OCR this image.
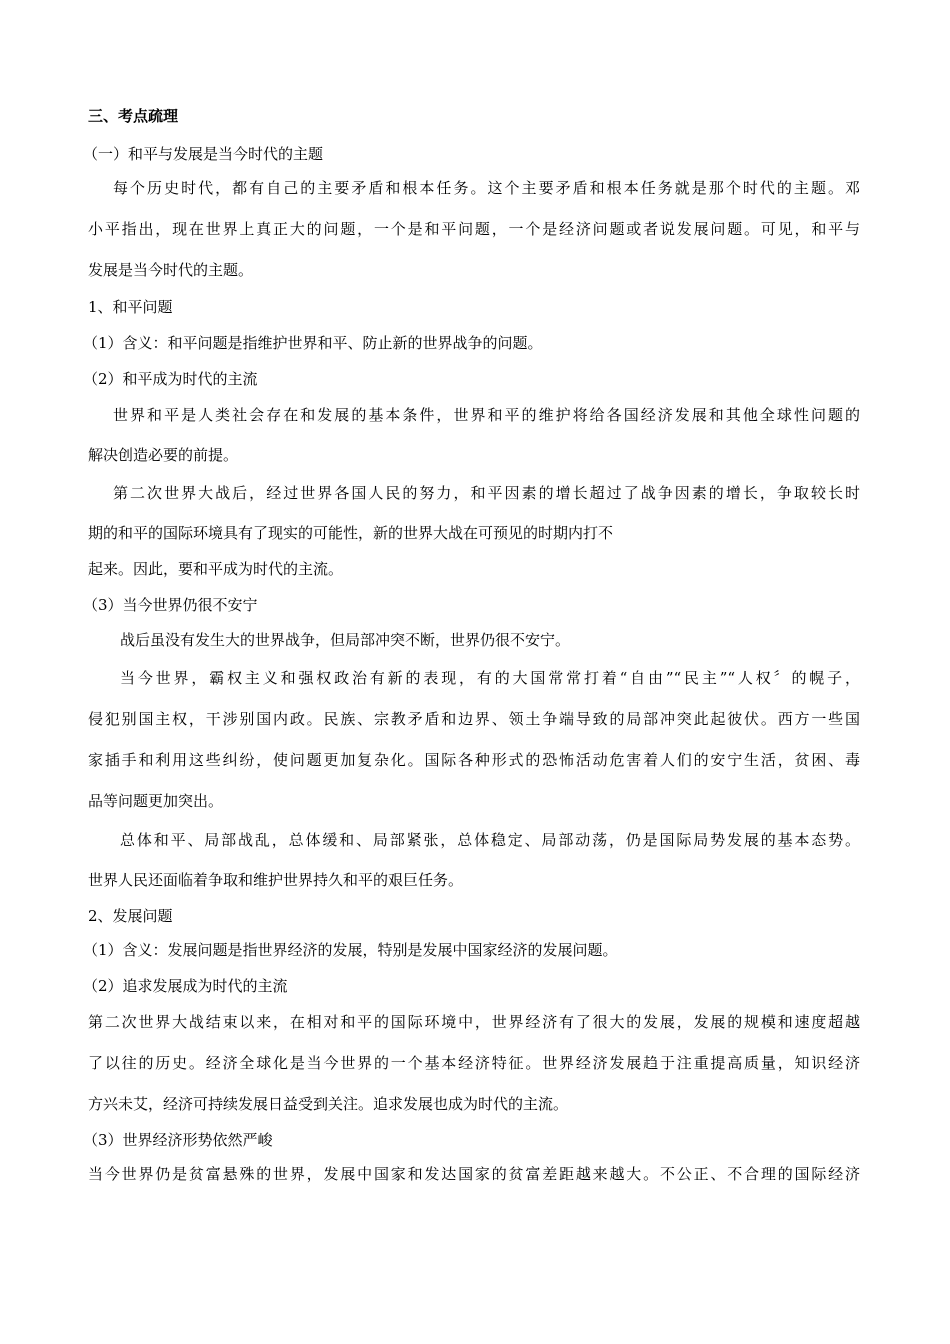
三、考点疏理
（一）和平与发展是当今时代的主题
每个历史时代，都有自己的主要矛盾和根本任务。这个主要矛盾和根本任务就是那个时代的主题。邓
小平指出，现在世界上真正大的问题，一个是和平问题，一个是经济问题或者说发展问题。可见，和平与
发展是当今时代的主题。
1、和平问题
（1）含义：和平问题是指维护世界和平、防止新的世界战争的问题。
（2）和平成为时代的主流
世界和平是人类社会存在和发展的基本条件，世界和平的维护将给各国经济发展和其他全球性问题的
解决创造必要的前提。
第二次世界大战后，经过世界各国人民的努力，和平因素的增长超过了战争因素的增长，争取较长时
期的和平的国际环境具有了现实的可能性，新的世界大战在可预见的时期内打不
起来。因此，要和平成为时代的主流。
（3）当今世界仍很不安宁
战后虽没有发生大的世界战争，但局部冲突不断，世界仍很不安宁。
当今世界，霸权主义和强权政治有新的表现，有的大国常常打着“自由”“民主”“人权〞的幌子，
侵犯别国主权，干涉别国内政。民族、宗教矛盾和边界、领土争端导致的局部冲突此起彼伏。西方一些国
家插手和利用这些纠纷，使问题更加复杂化。国际各种形式的恐怖活动危害着人们的安宁生活，贫困、毒
品等问题更加突出。
总体和平、局部战乱，总体缓和、局部紧张，总体稳定、局部动荡，仍是国际局势发展的基本态势。
世界人民还面临着争取和维护世界持久和平的艰巨任务。
2、发展问题
（1）含义：发展问题是指世界经济的发展，特别是发展中国家经济的发展问题。
（2）追求发展成为时代的主流
第二次世界大战结束以来，在相对和平的国际环境中，世界经济有了很大的发展，发展的规模和速度超越
了以往的历史。经济全球化是当今世界的一个基本经济特征。世界经济发展趋于注重提高质量，知识经济
方兴未艾，经济可持续发展日益受到关注。追求发展也成为时代的主流。
（3）世界经济形势依然严峻
当今世界仍是贫富悬殊的世界，发展中国家和发达国家的贫富差距越来越大。不公正、不合理的国际经济
